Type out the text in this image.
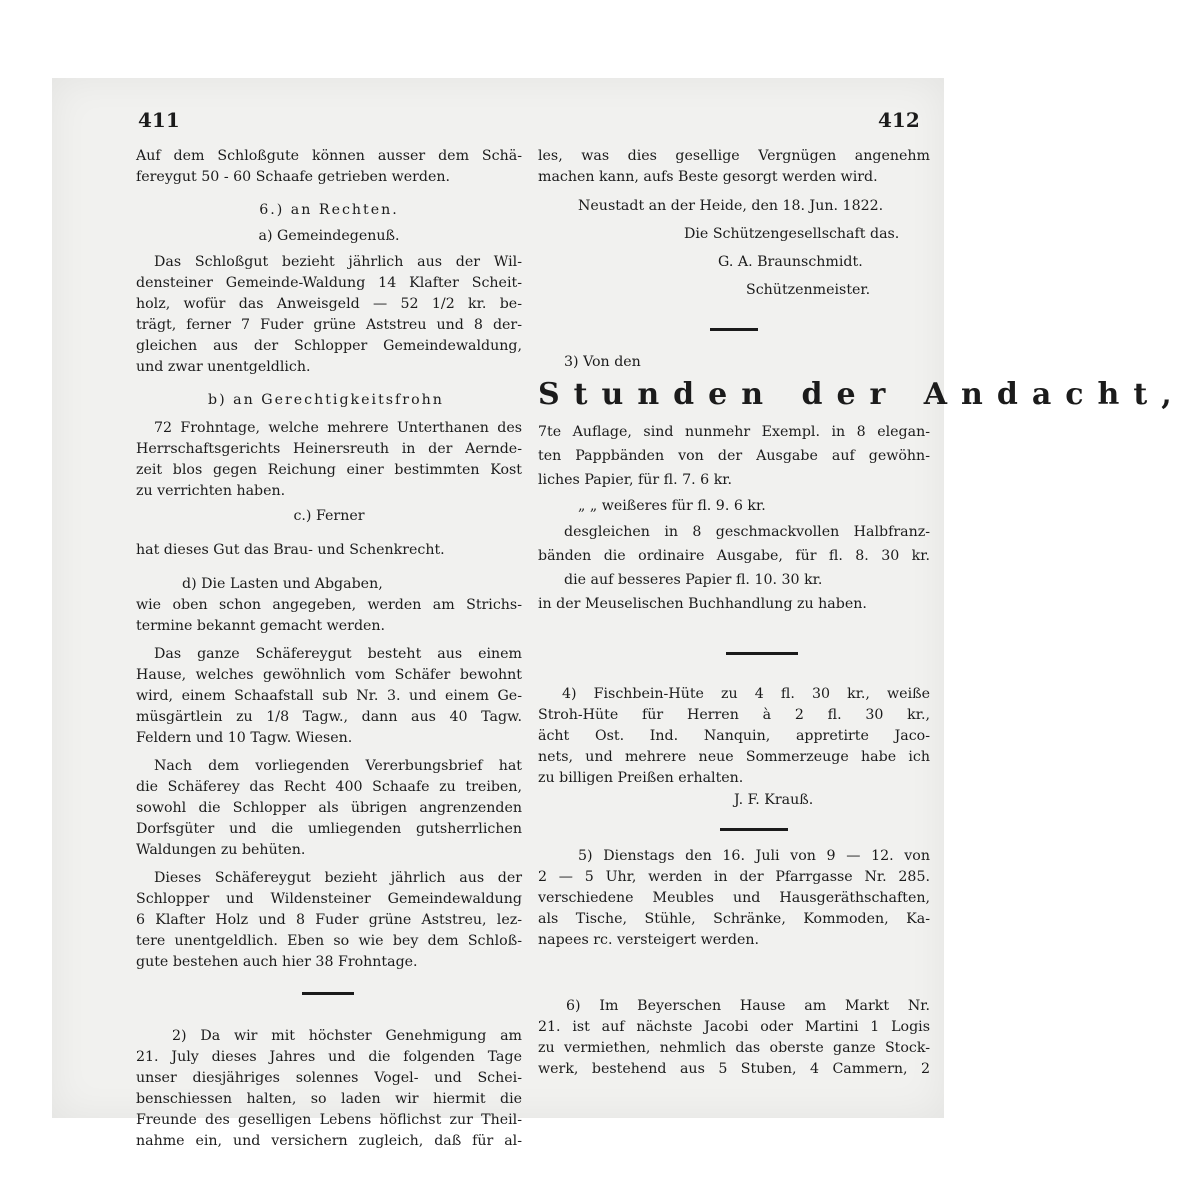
411	412
Auf dem Schloßgute können ausser dem Schä-
fereygut 50 - 60 Schaafe getrieben werden.
6.) an Rechten.
a) Gemeindegenuß.
Das Schloßgut bezieht jährlich aus der Wil-
densteiner Gemeinde-Waldung 14 Klafter Scheit-
holz, wofür das Anweisgeld — 52 1/2 kr. be-
trägt, ferner 7 Fuder grüne Aststreu und 8 der-
gleichen aus der Schlopper Gemeindewaldung,
und zwar unentgeldlich.
b) an Gerechtigkeitsfrohn
72 Frohntage, welche mehrere Unterthanen des
Herrschaftsgerichts Heinersreuth in der Aernde-
zeit blos gegen Reichung einer bestimmten Kost
zu verrichten haben.
c.) Ferner
hat dieses Gut das Brau- und Schenkrecht.
d) Die Lasten und Abgaben,
wie oben schon angegeben, werden am Strichs-
termine bekannt gemacht werden.
Das ganze Schäfereygut besteht aus einem
Hause, welches gewöhnlich vom Schäfer bewohnt
wird, einem Schaafstall sub Nr. 3. und einem Ge-
müsgärtlein zu 1/8 Tagw., dann aus 40 Tagw.
Feldern und 10 Tagw. Wiesen.
Nach dem vorliegenden Vererbungsbrief hat
die Schäferey das Recht 400 Schaafe zu treiben,
sowohl die Schlopper als übrigen angrenzenden
Dorfsgüter und die umliegenden gutsherrlichen
Waldungen zu behüten.
Dieses Schäfereygut bezieht jährlich aus der
Schlopper und Wildensteiner Gemeindewaldung
6 Klafter Holz und 8 Fuder grüne Aststreu, lez-
tere unentgeldlich. Eben so wie bey dem Schloß-
gute bestehen auch hier 38 Frohntage.
2) Da wir mit höchster Genehmigung am
21. July dieses Jahres und die folgenden Tage
unser diesjähriges solennes Vogel- und Schei-
benschiessen halten, so laden wir hiermit die
Freunde des geselligen Lebens höflichst zur Theil-
nahme ein, und versichern zugleich, daß für al-
les, was dies gesellige Vergnügen angenehm
machen kann, aufs Beste gesorgt werden wird.
Neustadt an der Heide, den 18. Jun. 1822.
Die Schützengesellschaft das.
G. A. Braunschmidt.
Schützenmeister.
3) Von den
Stunden der Andacht,
7te Auflage, sind nunmehr Exempl. in 8 elegan-
ten Pappbänden von der Ausgabe auf gewöhn-
liches Papier, für fl. 7. 6 kr.
„ „ weißeres für fl. 9. 6 kr.
desgleichen in 8 geschmackvollen Halbfranz-
bänden die ordinaire Ausgabe, für fl. 8. 30 kr.
die auf besseres Papier fl. 10. 30 kr.
in der Meuselischen Buchhandlung zu haben.
4) Fischbein-Hüte zu 4 fl. 30 kr., weiße
Stroh-Hüte für Herren à 2 fl. 30 kr.,
ächt Ost. Ind. Nanquin, appretirte Jaco-
nets, und mehrere neue Sommerzeuge habe ich
zu billigen Preißen erhalten.
J. F. Krauß.
5) Dienstags den 16. Juli von 9 — 12. von
2 — 5 Uhr, werden in der Pfarrgasse Nr. 285.
verschiedene Meubles und Hausgeräthschaften,
als Tische, Stühle, Schränke, Kommoden, Ka-
napees rc. versteigert werden.
6) Im Beyerschen Hause am Markt Nr.
21. ist auf nächste Jacobi oder Martini 1 Logis
zu vermiethen, nehmlich das oberste ganze Stock-
werk, bestehend aus 5 Stuben, 4 Cammern, 2
